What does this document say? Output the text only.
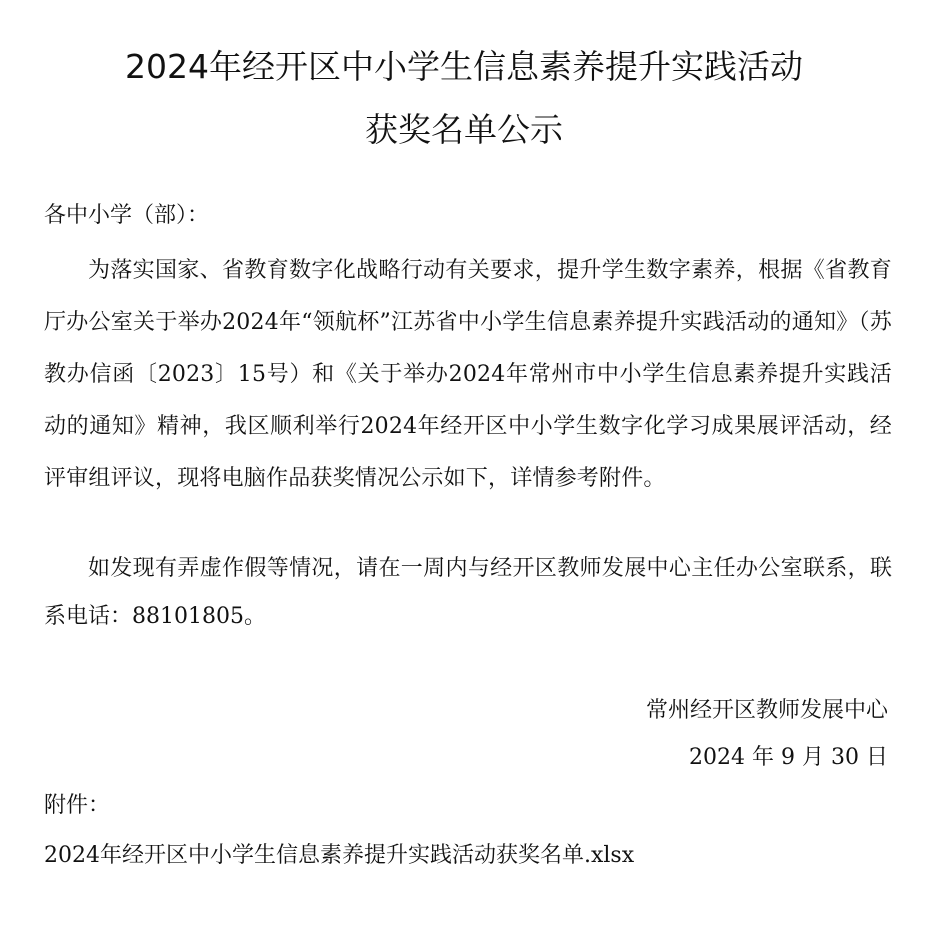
2024年经开区中小学生信息素养提升实践活动
获奖名单公示

各中小学（部）：

为落实国家、省教育数字化战略行动有关要求，提升学生数字素养，根据《省教育厅办公室关于举办2024年“领航杯”江苏省中小学生信息素养提升实践活动的通知》（苏教办信函〔2023〕15号）和《关于举办2024年常州市中小学生信息素养提升实践活动的通知》精神，我区顺利举行2024年经开区中小学生数字化学习成果展评活动，经评审组评议，现将电脑作品获奖情况公示如下，详情参考附件。

如发现有弄虚作假等情况，请在一周内与经开区教师发展中心主任办公室联系，联系电话：88101805。

常州经开区教师发展中心

2024 年 9 月 30 日

附件：

2024年经开区中小学生信息素养提升实践活动获奖名单.xlsx
